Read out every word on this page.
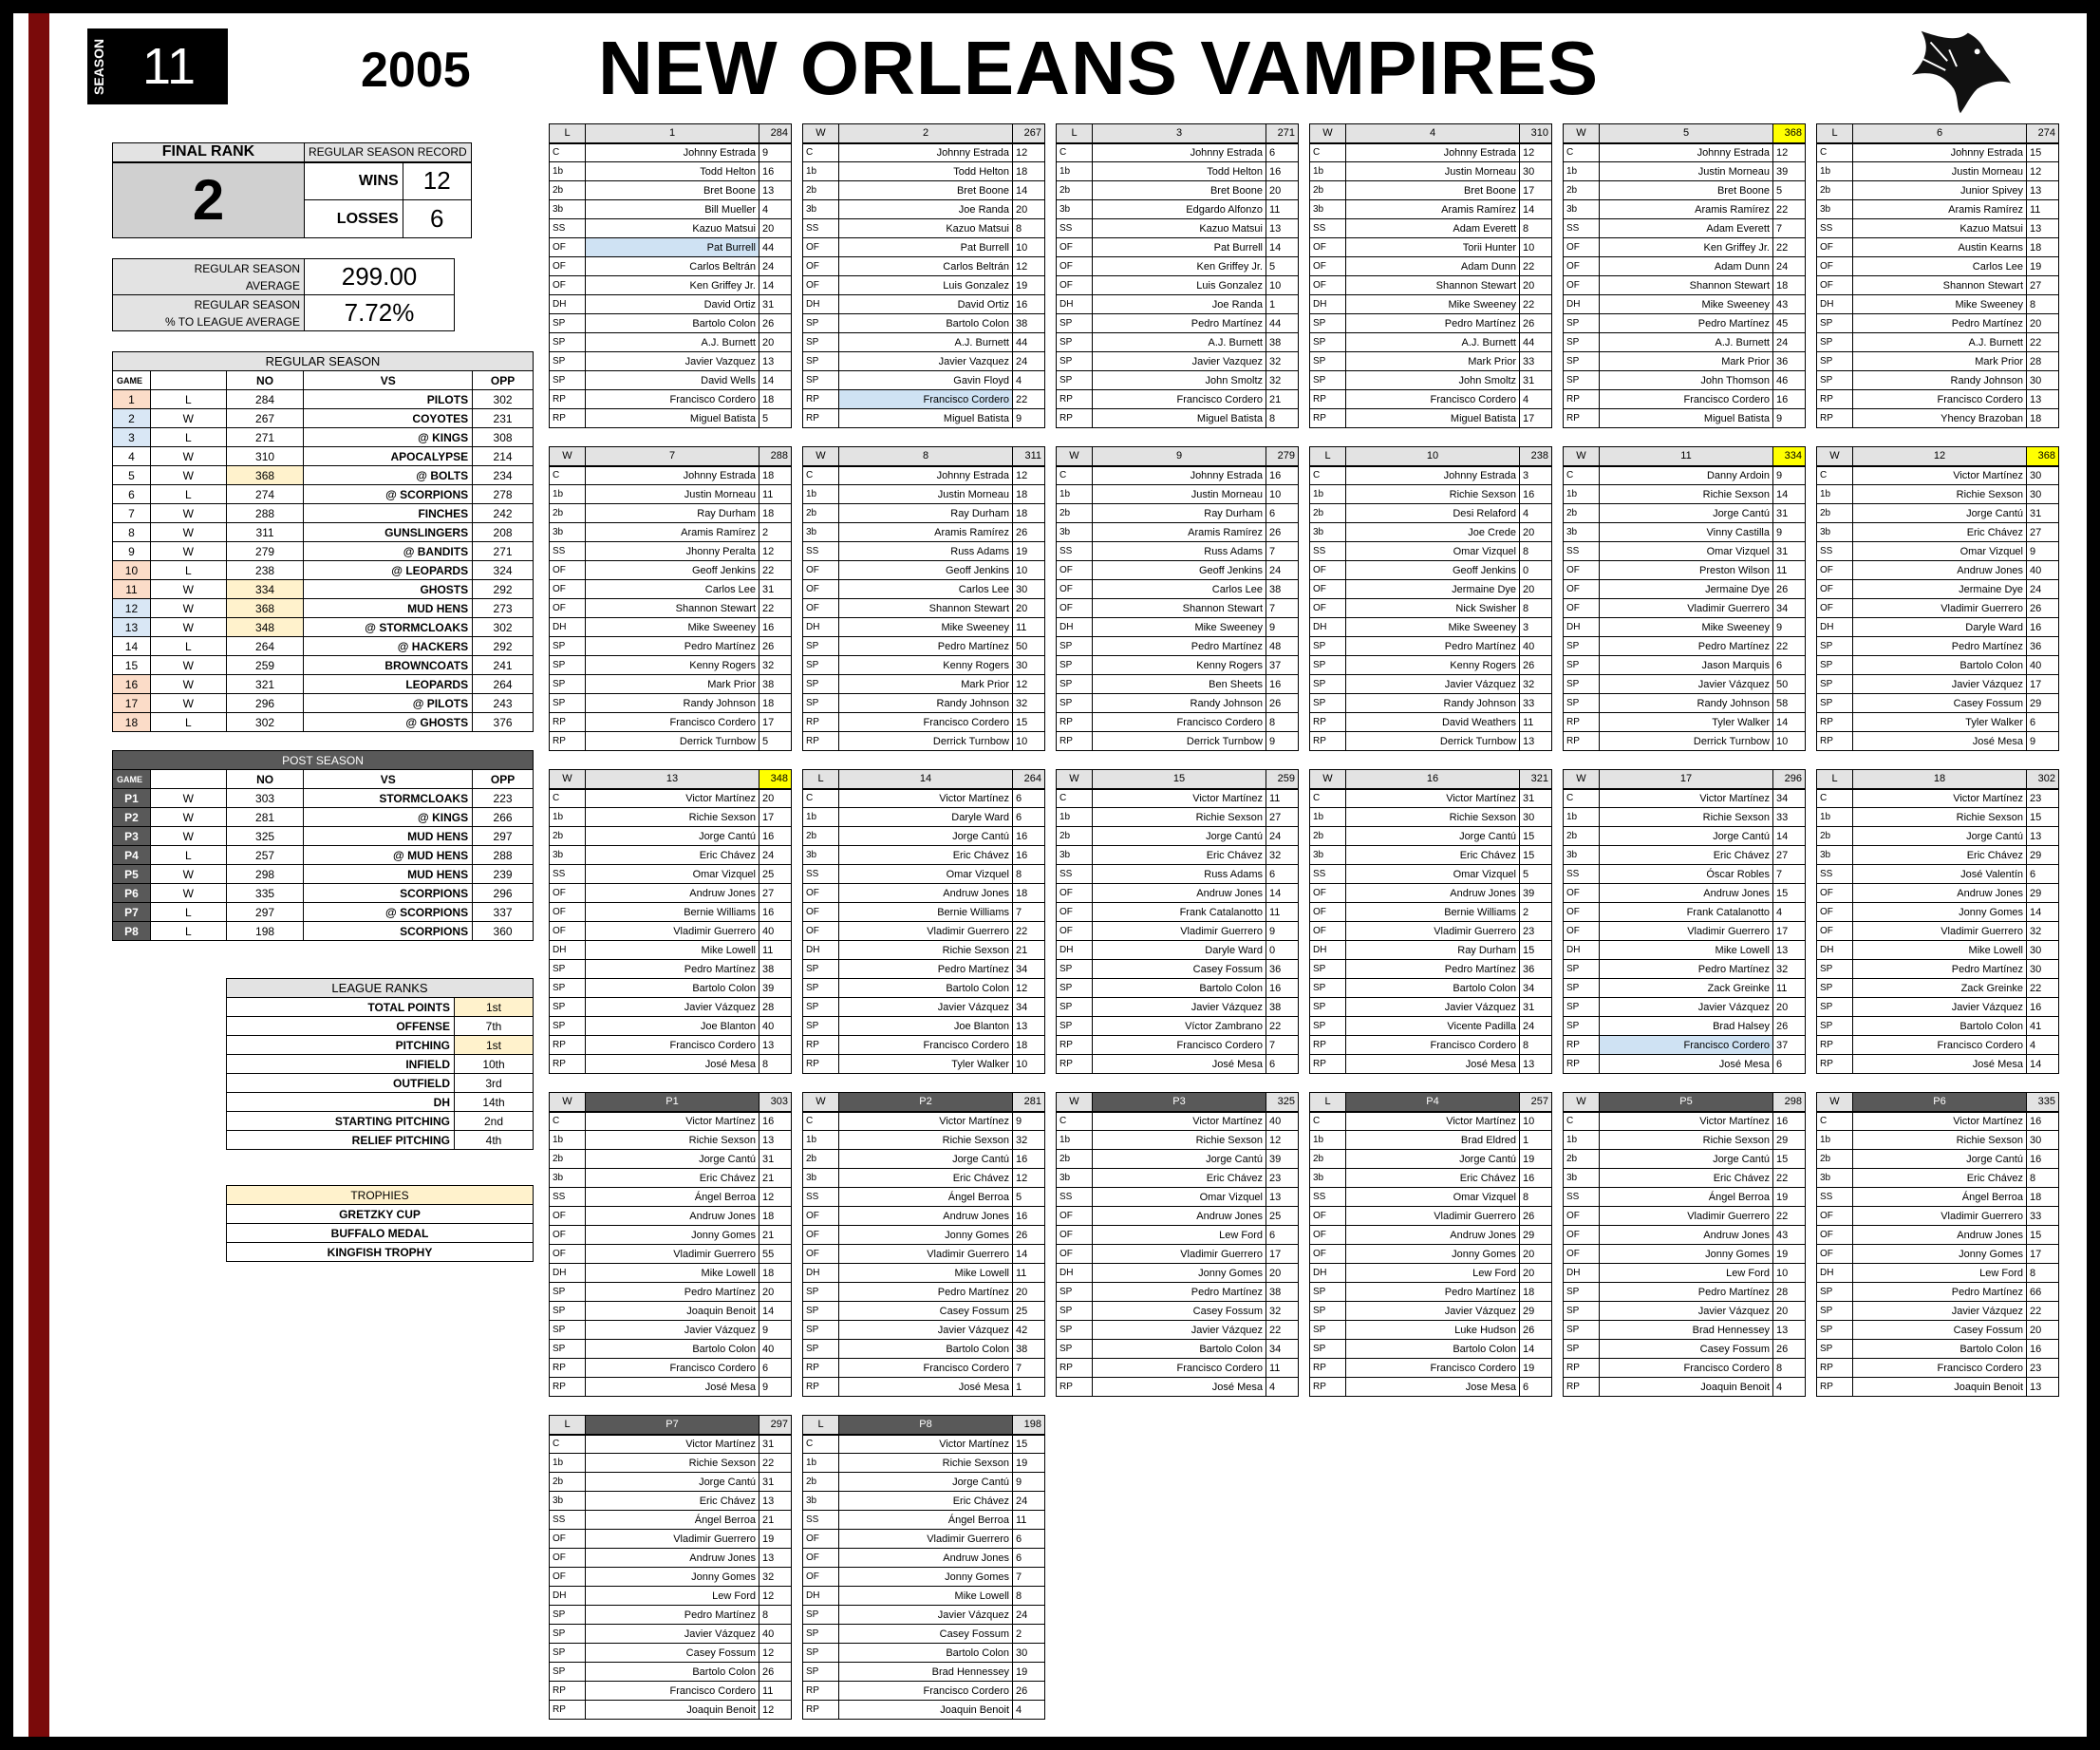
SEASON 11	2005 NEW ORLEANS VAMPIRES
FINAL RANK	REGULAR SEASON RECORD	
2	WINS	12
	LOSSES	6
REGULAR SEASON
AVERAGE	299.00
REGULAR SEASON
% TO LEAGUE AVERAGE	7.72%
REGULAR SEASON				
GAME		NO	VS	OPP
1	L	284	PILOTS	302
2	W	267	COYOTES	231
3	L	271	@ KINGS	308
4	W	310	APOCALYPSE	214
5	W	368	@ BOLTS	234
6	L	274	@ SCORPIONS	278
7	W	288	FINCHES	242
8	W	311	GUNSLINGERS	208
9	W	279	@ BANDITS	271
10	L	238	@ LEOPARDS	324
11	W	334	GHOSTS	292
12	W	368	MUD HENS	273
13	W	348	@ STORMCLOAKS	302
14	L	264	@ HACKERS	292
15	W	259	BROWNCOATS	241
16	W	321	LEOPARDS	264
17	W	296	@ PILOTS	243
18	L	302	@ GHOSTS	376
POST SEASON				
GAME		NO	VS	OPP
P1	W	303	STORMCLOAKS	223
P2	W	281	@ KINGS	266
P3	W	325	MUD HENS	297
P4	L	257	@ MUD HENS	288
P5	W	298	MUD HENS	239
P6	W	335	SCORPIONS	296
P7	L	297	@ SCORPIONS	337
P8	L	198	SCORPIONS	360
LEAGUE RANKS	
TOTAL POINTS	1st
OFFENSE	7th
PITCHING	1st
INFIELD	10th
OUTFIELD	3rd
DH	14th
STARTING PITCHING	2nd
RELIEF PITCHING	4th
TROPHIES
GRETZKY CUP
BUFFALO MEDAL
KINGFISH TROPHY
L	1	284
C	Johnny Estrada	9
1b	Todd Helton	16
2b	Bret Boone	13
3b	Bill Mueller	4
SS	Kazuo Matsui	20
OF	Pat Burrell	44
OF	Carlos Beltrán	24
OF	Ken Griffey Jr.	14
DH	David Ortiz	31
SP	Bartolo Colon	26
SP	A.J. Burnett	20
SP	Javier Vazquez	13
SP	David Wells	14
RP	Francisco Cordero	18
RP	Miguel Batista	5
W	2	267
C	Johnny Estrada	12
1b	Todd Helton	18
2b	Bret Boone	14
3b	Joe Randa	20
SS	Kazuo Matsui	8
OF	Pat Burrell	10
OF	Carlos Beltrán	12
OF	Luis Gonzalez	19
DH	David Ortiz	16
SP	Bartolo Colon	38
SP	A.J. Burnett	44
SP	Javier Vazquez	24
SP	Gavin Floyd	4
RP	Francisco Cordero	22
RP	Miguel Batista	9
L	3	271
C	Johnny Estrada	6
1b	Todd Helton	16
2b	Bret Boone	20
3b	Edgardo Alfonzo	11
SS	Kazuo Matsui	13
OF	Pat Burrell	14
OF	Ken Griffey Jr.	5
OF	Luis Gonzalez	10
DH	Joe Randa	1
SP	Pedro Martínez	44
SP	A.J. Burnett	38
SP	Javier Vazquez	32
SP	John Smoltz	32
RP	Francisco Cordero	21
RP	Miguel Batista	8
W	4	310
C	Johnny Estrada	12
1b	Justin Morneau	30
2b	Bret Boone	17
3b	Aramis Ramírez	14
SS	Adam Everett	8
OF	Torii Hunter	10
OF	Adam Dunn	22
OF	Shannon Stewart	20
DH	Mike Sweeney	22
SP	Pedro Martínez	26
SP	A.J. Burnett	44
SP	Mark Prior	33
SP	John Smoltz	31
RP	Francisco Cordero	4
RP	Miguel Batista	17
W	5	368
C	Johnny Estrada	12
1b	Justin Morneau	39
2b	Bret Boone	5
3b	Aramis Ramírez	22
SS	Adam Everett	7
OF	Ken Griffey Jr.	22
OF	Adam Dunn	24
OF	Shannon Stewart	18
DH	Mike Sweeney	43
SP	Pedro Martínez	45
SP	A.J. Burnett	24
SP	Mark Prior	36
SP	John Thomson	46
RP	Francisco Cordero	16
RP	Miguel Batista	9
L	6	274
C	Johnny Estrada	15
1b	Justin Morneau	12
2b	Junior Spivey	13
3b	Aramis Ramírez	11
SS	Kazuo Matsui	13
OF	Austin Kearns	18
OF	Carlos Lee	19
OF	Shannon Stewart	27
DH	Mike Sweeney	8
SP	Pedro Martínez	20
SP	A.J. Burnett	22
SP	Mark Prior	28
SP	Randy Johnson	30
RP	Francisco Cordero	13
RP	Yhency Brazoban	18
W	7	288
C	Johnny Estrada	18
1b	Justin Morneau	11
2b	Ray Durham	18
3b	Aramis Ramírez	2
SS	Jhonny Peralta	12
OF	Geoff Jenkins	22
OF	Carlos Lee	31
OF	Shannon Stewart	22
DH	Mike Sweeney	16
SP	Pedro Martínez	26
SP	Kenny Rogers	32
SP	Mark Prior	38
SP	Randy Johnson	18
RP	Francisco Cordero	17
RP	Derrick Turnbow	5
W	8	311
C	Johnny Estrada	12
1b	Justin Morneau	18
2b	Ray Durham	18
3b	Aramis Ramírez	26
SS	Russ Adams	19
OF	Geoff Jenkins	10
OF	Carlos Lee	30
OF	Shannon Stewart	20
DH	Mike Sweeney	11
SP	Pedro Martínez	50
SP	Kenny Rogers	30
SP	Mark Prior	12
SP	Randy Johnson	32
RP	Francisco Cordero	15
RP	Derrick Turnbow	10
W	9	279
C	Johnny Estrada	16
1b	Justin Morneau	10
2b	Ray Durham	6
3b	Aramis Ramírez	26
SS	Russ Adams	7
OF	Geoff Jenkins	24
OF	Carlos Lee	38
OF	Shannon Stewart	7
DH	Mike Sweeney	9
SP	Pedro Martínez	48
SP	Kenny Rogers	37
SP	Ben Sheets	16
SP	Randy Johnson	26
RP	Francisco Cordero	8
RP	Derrick Turnbow	9
L	10	238
C	Johnny Estrada	3
1b	Richie Sexson	16
2b	Desi Relaford	4
3b	Joe Crede	20
SS	Omar Vizquel	8
OF	Geoff Jenkins	0
OF	Jermaine Dye	20
OF	Nick Swisher	8
DH	Mike Sweeney	3
SP	Pedro Martínez	40
SP	Kenny Rogers	26
SP	Javier Vázquez	32
SP	Randy Johnson	33
RP	David Weathers	11
RP	Derrick Turnbow	13
W	11	334
C	Danny Ardoin	9
1b	Richie Sexson	14
2b	Jorge Cantú	31
3b	Vinny Castilla	9
SS	Omar Vizquel	31
OF	Preston Wilson	11
OF	Jermaine Dye	26
OF	Vladimir Guerrero	34
DH	Mike Sweeney	9
SP	Pedro Martínez	22
SP	Jason Marquis	6
SP	Javier Vázquez	50
SP	Randy Johnson	58
RP	Tyler Walker	14
RP	Derrick Turnbow	10
W	12	368
C	Victor Martínez	30
1b	Richie Sexson	30
2b	Jorge Cantú	31
3b	Eric Chávez	27
SS	Omar Vizquel	9
OF	Andruw Jones	40
OF	Jermaine Dye	24
OF	Vladimir Guerrero	26
DH	Daryle Ward	16
SP	Pedro Martínez	36
SP	Bartolo Colon	40
SP	Javier Vázquez	17
SP	Casey Fossum	29
RP	Tyler Walker	6
RP	José Mesa	9
W	13	348
C	Victor Martínez	20
1b	Richie Sexson	17
2b	Jorge Cantú	16
3b	Eric Chávez	24
SS	Omar Vizquel	25
OF	Andruw Jones	27
OF	Bernie Williams	16
OF	Vladimir Guerrero	40
DH	Mike Lowell	11
SP	Pedro Martínez	38
SP	Bartolo Colon	39
SP	Javier Vázquez	28
SP	Joe Blanton	40
RP	Francisco Cordero	13
RP	José Mesa	8
L	14	264
C	Victor Martínez	6
1b	Daryle Ward	6
2b	Jorge Cantú	16
3b	Eric Chávez	16
SS	Omar Vizquel	8
OF	Andruw Jones	18
OF	Bernie Williams	7
OF	Vladimir Guerrero	22
DH	Richie Sexson	21
SP	Pedro Martínez	34
SP	Bartolo Colon	12
SP	Javier Vázquez	34
SP	Joe Blanton	13
RP	Francisco Cordero	18
RP	Tyler Walker	10
W	15	259
C	Victor Martínez	11
1b	Richie Sexson	27
2b	Jorge Cantú	24
3b	Eric Chávez	32
SS	Russ Adams	6
OF	Andruw Jones	14
OF	Frank Catalanotto	11
OF	Vladimir Guerrero	9
DH	Daryle Ward	0
SP	Casey Fossum	36
SP	Bartolo Colon	16
SP	Javier Vázquez	38
SP	Víctor Zambrano	22
RP	Francisco Cordero	7
RP	José Mesa	6
W	16	321
C	Victor Martínez	31
1b	Richie Sexson	30
2b	Jorge Cantú	15
3b	Eric Chávez	15
SS	Omar Vizquel	5
OF	Andruw Jones	39
OF	Bernie Williams	2
OF	Vladimir Guerrero	23
DH	Ray Durham	15
SP	Pedro Martínez	36
SP	Bartolo Colon	34
SP	Javier Vázquez	31
SP	Vicente Padilla	24
RP	Francisco Cordero	8
RP	José Mesa	13
W	17	296
C	Victor Martínez	34
1b	Richie Sexson	33
2b	Jorge Cantú	14
3b	Eric Chávez	27
SS	Óscar Robles	7
OF	Andruw Jones	15
OF	Frank Catalanotto	4
OF	Vladimir Guerrero	17
DH	Mike Lowell	13
SP	Pedro Martínez	32
SP	Zack Greinke	11
SP	Javier Vázquez	20
SP	Brad Halsey	26
RP	Francisco Cordero	37
RP	José Mesa	6
L	18	302
C	Victor Martínez	23
1b	Richie Sexson	15
2b	Jorge Cantú	13
3b	Eric Chávez	29
SS	José Valentín	6
OF	Andruw Jones	29
OF	Jonny Gomes	14
OF	Vladimir Guerrero	32
DH	Mike Lowell	30
SP	Pedro Martínez	30
SP	Zack Greinke	22
SP	Javier Vázquez	16
SP	Bartolo Colon	41
RP	Francisco Cordero	4
RP	José Mesa	14
W	P1	303
C	Victor Martínez	16
1b	Richie Sexson	13
2b	Jorge Cantú	31
3b	Eric Chávez	21
SS	Ángel Berroa	12
OF	Andruw Jones	18
OF	Jonny Gomes	21
OF	Vladimir Guerrero	55
DH	Mike Lowell	18
SP	Pedro Martínez	20
SP	Joaquin Benoit	14
SP	Javier Vázquez	9
SP	Bartolo Colon	40
RP	Francisco Cordero	6
RP	José Mesa	9
W	P2	281
C	Victor Martínez	9
1b	Richie Sexson	32
2b	Jorge Cantú	16
3b	Eric Chávez	12
SS	Ángel Berroa	5
OF	Andruw Jones	16
OF	Jonny Gomes	26
OF	Vladimir Guerrero	14
DH	Mike Lowell	11
SP	Pedro Martínez	20
SP	Casey Fossum	25
SP	Javier Vázquez	42
SP	Bartolo Colon	38
RP	Francisco Cordero	7
RP	José Mesa	1
W	P3	325
C	Victor Martínez	40
1b	Richie Sexson	12
2b	Jorge Cantú	39
3b	Eric Chávez	23
SS	Omar Vizquel	13
OF	Andruw Jones	25
OF	Lew Ford	6
OF	Vladimir Guerrero	17
DH	Jonny Gomes	20
SP	Pedro Martínez	38
SP	Casey Fossum	32
SP	Javier Vázquez	22
SP	Bartolo Colon	34
RP	Francisco Cordero	11
RP	José Mesa	4
L	P4	257
C	Victor Martínez	10
1b	Brad Eldred	1
2b	Jorge Cantú	19
3b	Eric Chávez	16
SS	Omar Vizquel	8
OF	Vladimir Guerrero	26
OF	Andruw Jones	29
OF	Jonny Gomes	20
DH	Lew Ford	20
SP	Pedro Martínez	18
SP	Javier Vázquez	29
SP	Luke Hudson	26
SP	Bartolo Colon	14
RP	Francisco Cordero	19
RP	Jose Mesa	6
W	P5	298
C	Victor Martínez	16
1b	Richie Sexson	29
2b	Jorge Cantú	15
3b	Eric Chávez	22
SS	Ángel Berroa	19
OF	Vladimir Guerrero	22
OF	Andruw Jones	43
OF	Jonny Gomes	19
DH	Lew Ford	10
SP	Pedro Martínez	28
SP	Javier Vázquez	20
SP	Brad Hennessey	13
SP	Casey Fossum	26
RP	Francisco Cordero	8
RP	Joaquin Benoit	4
W	P6	335
C	Victor Martínez	16
1b	Richie Sexson	30
2b	Jorge Cantú	16
3b	Eric Chávez	8
SS	Ángel Berroa	18
OF	Vladimir Guerrero	33
OF	Andruw Jones	15
OF	Jonny Gomes	17
DH	Lew Ford	8
SP	Pedro Martínez	66
SP	Javier Vázquez	22
SP	Casey Fossum	20
SP	Bartolo Colon	16
RP	Francisco Cordero	23
RP	Joaquin Benoit	13
L	P7	297
C	Victor Martínez	31
1b	Richie Sexson	22
2b	Jorge Cantú	31
3b	Eric Chávez	13
SS	Ángel Berroa	21
OF	Vladimir Guerrero	19
OF	Andruw Jones	13
OF	Jonny Gomes	32
DH	Lew Ford	12
SP	Pedro Martínez	8
SP	Javier Vázquez	40
SP	Casey Fossum	12
SP	Bartolo Colon	26
RP	Francisco Cordero	11
RP	Joaquin Benoit	12
L	P8	198
C	Victor Martínez	15
1b	Richie Sexson	19
2b	Jorge Cantú	9
3b	Eric Chávez	24
SS	Ángel Berroa	11
OF	Vladimir Guerrero	6
OF	Andruw Jones	6
OF	Jonny Gomes	7
DH	Mike Lowell	8
SP	Javier Vázquez	24
SP	Casey Fossum	2
SP	Bartolo Colon	30
SP	Brad Hennessey	19
RP	Francisco Cordero	26
RP	Joaquin Benoit	4
